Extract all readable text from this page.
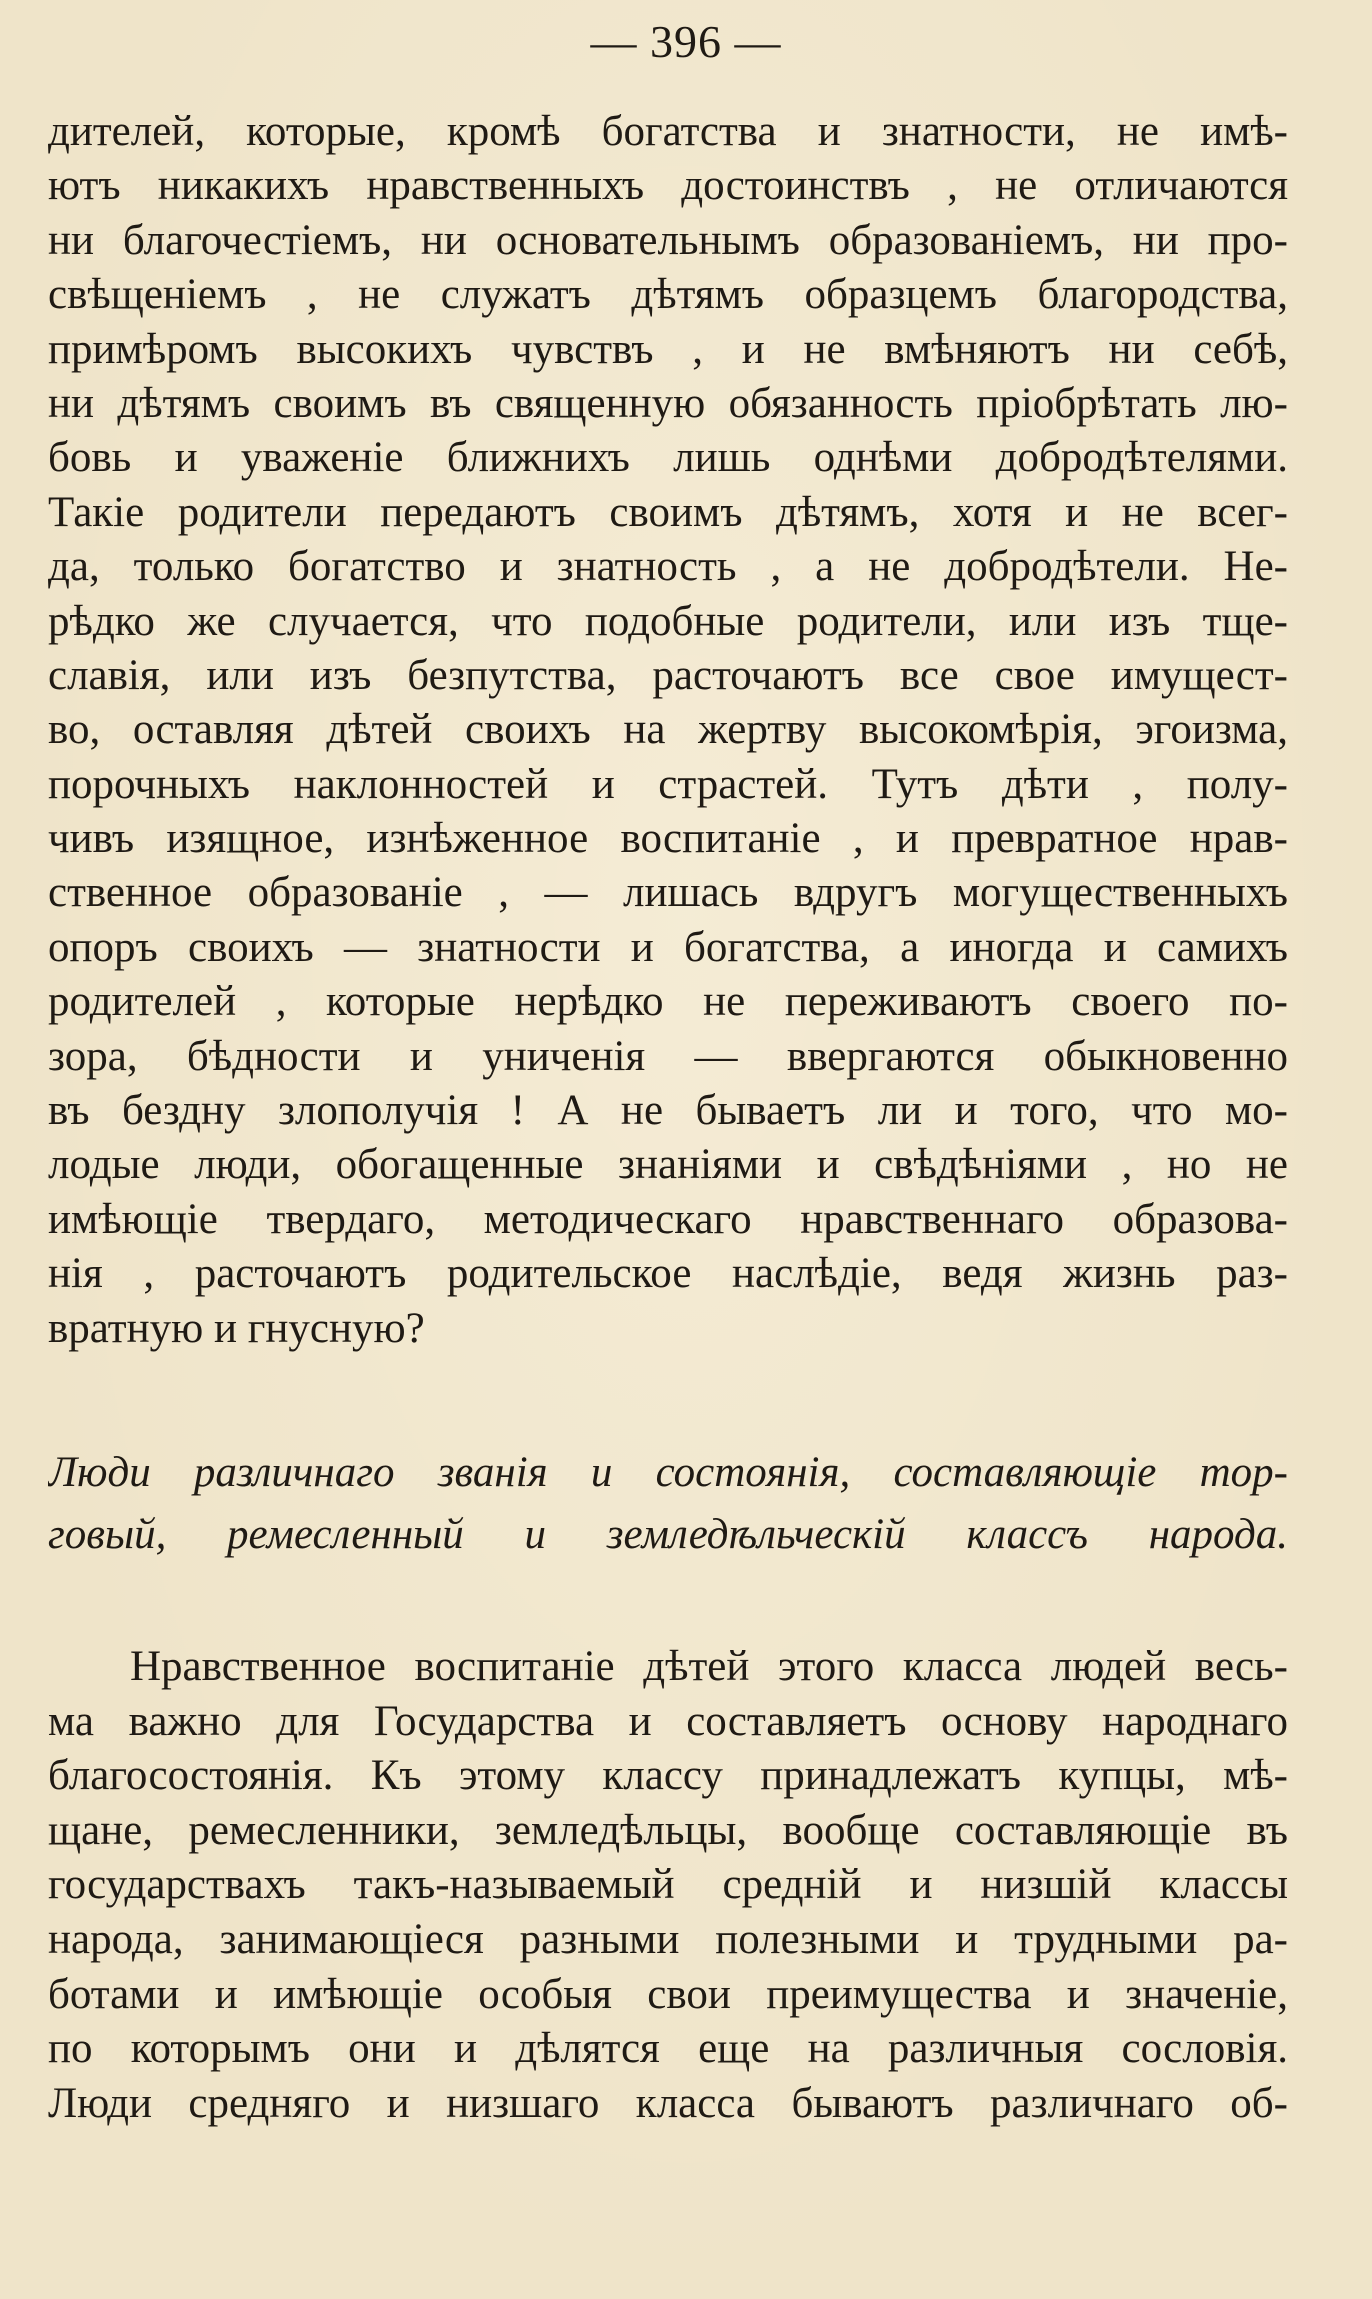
— 396 —
дителей, которые, кромѣ богатства и знатности, не имѣ-
ютъ никакихъ нравственныхъ достоинствъ , не отличаются
ни благочестіемъ, ни основательнымъ образованіемъ, ни про-
свѣщеніемъ , не служатъ дѣтямъ образцемъ благородства,
примѣромъ высокихъ чувствъ , и не вмѣняютъ ни себѣ,
ни дѣтямъ своимъ въ священную обязанность пріобрѣтать лю-
бовь и уваженіе ближнихъ лишь однѣми добродѣтелями.
Такіе родители передаютъ своимъ дѣтямъ, хотя и не всег-
да, только богатство и знатность , а не добродѣтели. Не-
рѣдко же случается, что подобные родители, или изъ тще-
славія, или изъ безпутства, расточаютъ все свое имущест-
во, оставляя дѣтей своихъ на жертву высокомѣрія, эгоизма,
порочныхъ наклонностей и страстей. Тутъ дѣти , полу-
чивъ изящное, изнѣженное воспитаніе , и превратное нрав-
ственное образованіе , — лишась вдругъ могущественныхъ
опоръ своихъ — знатности и богатства, а иногда и самихъ
родителей , которые нерѣдко не переживаютъ своего по-
зора, бѣдности и униченія — ввергаются обыкновенно
въ бездну злополучія ! А не бываетъ ли и того, что мо-
лодые люди, обогащенные знаніями и свѣдѣніями , но не
имѣющіе твердаго, методическаго нравственнаго образова-
нія , расточаютъ родительское наслѣдіе, ведя жизнь раз-
вратную и гнусную?
Люди различнаго званія и состоянія, составляющіе тор-
говый, ремесленный и земледѣльческій классъ народа.
Нравственное воспитаніе дѣтей этого класса людей весь-
ма важно для Государства и составляетъ основу народнаго
благосостоянія. Къ этому классу принадлежатъ купцы, мѣ-
щане, ремесленники, земледѣльцы, вообще составляющіе въ
государствахъ такъ-называемый средній и низшій классы
народа, занимающіеся разными полезными и трудными ра-
ботами и имѣющіе особыя свои преимущества и значеніе,
по которымъ они и дѣлятся еще на различныя сословія.
Люди средняго и низшаго класса бываютъ различнаго об-
